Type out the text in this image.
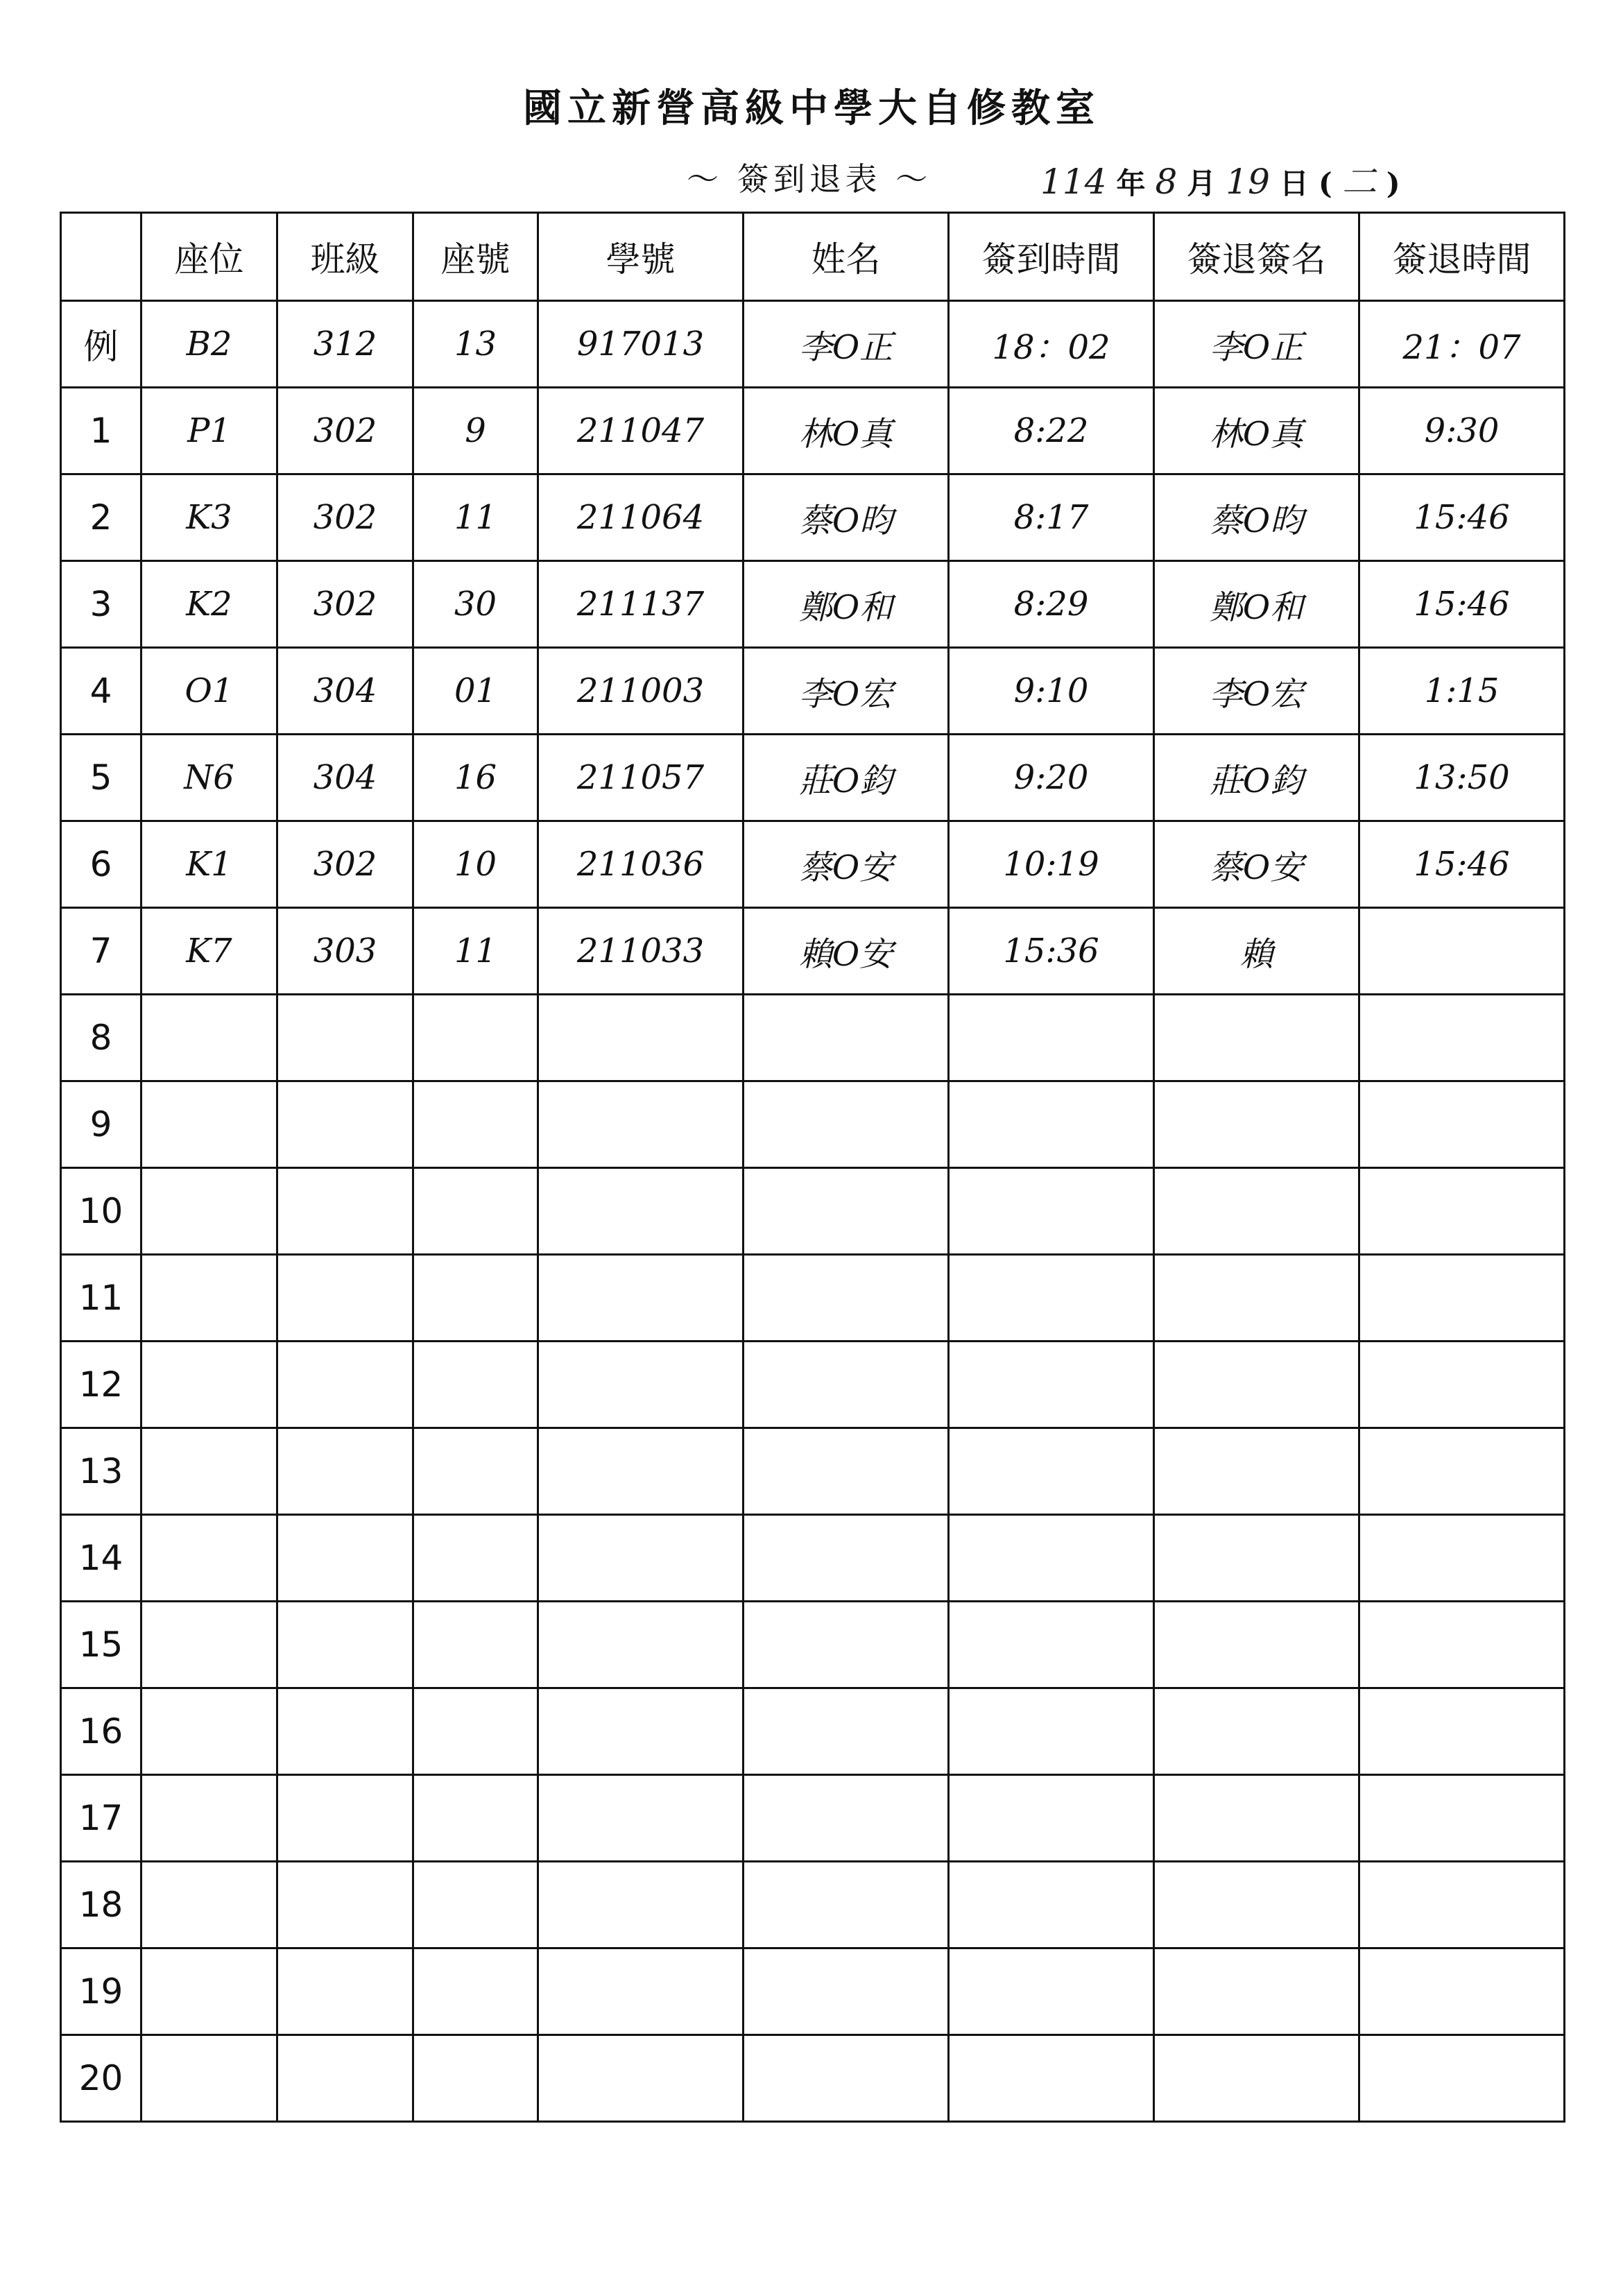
國立新營高級中學大自修教室
～ 簽到退表 ～	114 年 8 月 19 日 ( 二 )
	座位	班級	座號	學號	姓名	簽到時間	簽退簽名	簽退時間
例	B2	312	13	917013	李O正	18：02	李O正	21：07
1	P1	302	9	211047	林O真	8:22	林O真	9:30
2	K3	302	11	211064	蔡O昀	8:17	蔡O昀	15:46
3	K2	302	30	211137	鄭O和	8:29	鄭O和	15:46
4	O1	304	01	211003	李O宏	9:10	李O宏	1:15
5	N6	304	16	211057	莊O鈞	9:20	莊O鈞	13:50
6	K1	302	10	211036	蔡O安	10:19	蔡O安	15:46
7	K7	303	11	211033	賴O安	15:36	賴	
8								
9								
10								
11								
12								
13								
14								
15								
16								
17								
18								
19								
20								
